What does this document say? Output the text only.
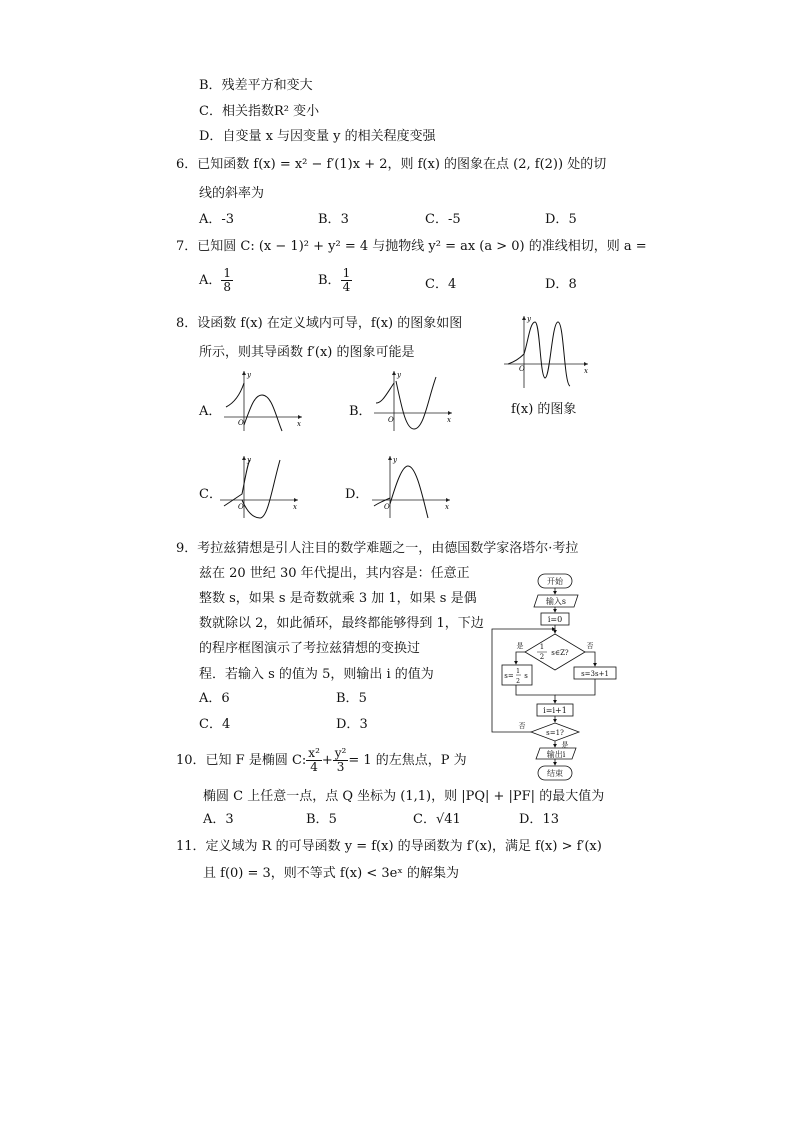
B．残差平方和变大
C．相关指数R² 变小
D．自变量 x 与因变量 y 的相关程度变强
6．已知函数 f(x) = x² − f′(1)x + 2，则 f(x) 的图象在点 (2, f(2)) 处的切
线的斜率为
A．-3	B．3	C．-5	D．5
7．已知圆 C: (x − 1)² + y² = 4 与抛物线 y² = ax (a > 0) 的准线相切，则 a =
A． $\frac{1}{8}$	B． $\frac{1}{4}$	C．4	D．8
8．设函数 f(x) 在定义域内可导，f(x) 的图象如图
所示，则其导函数 f′(x) 的图象可能是
y
x
O
f(x) 的图象
A．
y
x
O
B．
y
x
O
C．
y
x
O
D．
y
x
O
9．考拉兹猜想是引人注目的数学难题之一，由德国数学家洛塔尔·考拉
兹在 20 世纪 30 年代提出，其内容是：任意正
整数 s，如果 s 是奇数就乘 3 加 1，如果 s 是偶
数就除以 2，如此循环，最终都能够得到 1，下边
的程序框图演示了考拉兹猜想的变换过
程．若输入 s 的值为 5，则输出 i 的值为
A．6	B．5
C．4	D．3
开始
输入s
i=0
1
2 s∈Z?
是	否
s=
1
2
s	s=3s+1
i=i+1
s=1?
否
是
输出i
结束
10．已知 F 是椭圆 C: $\frac{\text{x²}}{4} + \frac{\text{y²}}{3} = 1$ 的左焦点，P 为
椭圆 C 上任意一点，点 Q 坐标为 (1,1)，则 |PQ| + |PF| 的最大值为
A．3	B．5	C．√41	D．13
11．定义域为 R 的可导函数 y = f(x) 的导函数为 f′(x)，满足 f(x) > f′(x)
且 f(0) = 3，则不等式 f(x) < 3eˣ 的解集为
